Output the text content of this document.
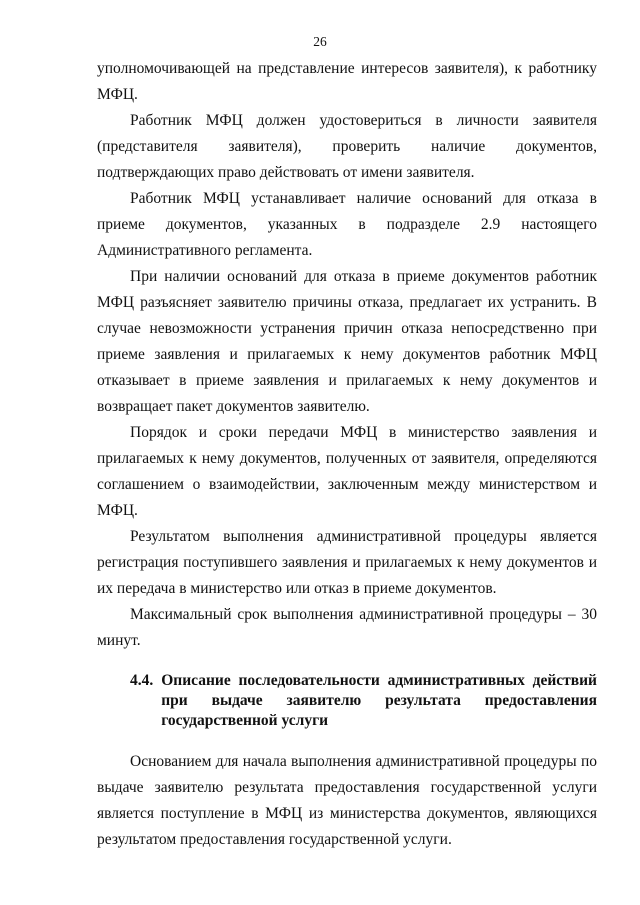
26

уполномочивающей на представление интересов заявителя), к работнику МФЦ.

Работник МФЦ должен удостовериться в личности заявителя (представителя заявителя), проверить наличие документов, подтверждающих право действовать от имени заявителя.

Работник МФЦ устанавливает наличие оснований для отказа в приеме документов, указанных в подразделе 2.9 настоящего Административного регламента.

При наличии оснований для отказа в приеме документов работник МФЦ разъясняет заявителю причины отказа, предлагает их устранить. В случае невозможности устранения причин отказа непосредственно при приеме заявления и прилагаемых к нему документов работник МФЦ отказывает в приеме заявления и прилагаемых к нему документов и возвращает пакет документов заявителю.

Порядок и сроки передачи МФЦ в министерство заявления и прилагаемых к нему документов, полученных от заявителя, определяются соглашением о взаимодействии, заключенным между министерством и МФЦ.

Результатом выполнения административной процедуры является регистрация поступившего заявления и прилагаемых к нему документов и их передача в министерство или отказ в приеме документов.

Максимальный срок выполнения административной процедуры – 30 минут.

4.4. Описание последовательности административных действий при выдаче заявителю результата предоставления государственной услуги

Основанием для начала выполнения административной процедуры по выдаче заявителю результата предоставления государственной услуги является поступление в МФЦ из министерства документов, являющихся результатом предоставления государственной услуги.
